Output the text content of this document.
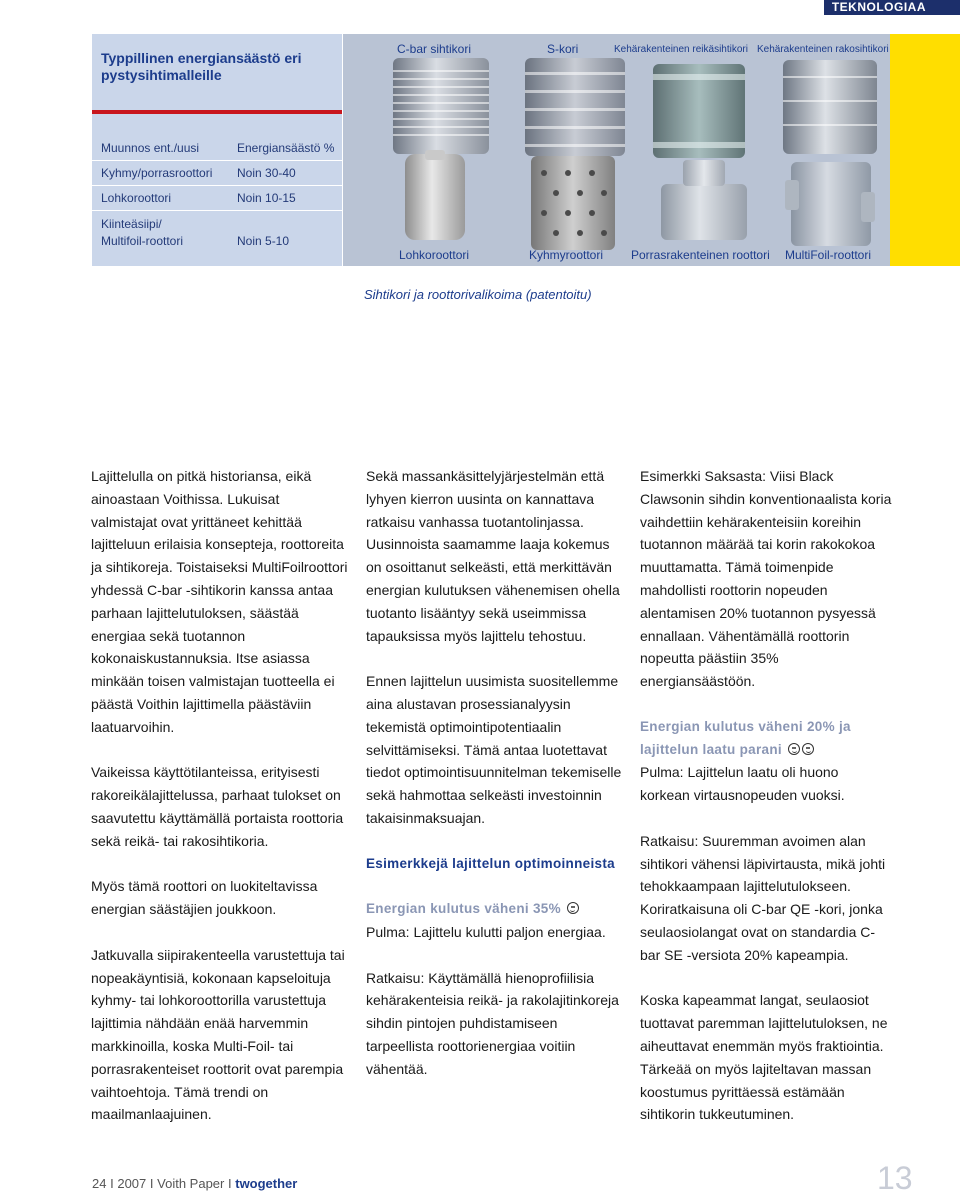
TEKNOLOGIAA
Typpillinen energiansäästö eri pystysihtimalleille
Muunnos ent./uusi	Energiansäästö %
Kyhmy/porrasroottori	Noin 30-40
Lohkoroottori	Noin 10-15
Kiinteäsiipi/
Multifoil-roottori	Noin 5-10
C-bar sihtikori	S-kori	Kehärakenteinen reikäsihtikori Kehärakenteinen rakosihtikori
Lohkoroottori	Kyhmyroottori Porrasrakenteinen roottori MultiFoil-roottori
Sihtikori ja roottorivalikoima (patentoitu)

Lajittelulla on pitkä historiansa, eikä ainoastaan Voithissa. Lukuisat valmistajat ovat yrittäneet kehittää lajitteluun erilaisia konsepteja, roottoreita ja sihtikoreja. Toistaiseksi MultiFoilroottori yhdessä C-bar -sihtikorin kanssa antaa parhaan lajittelutuloksen, säästää energiaa sekä tuotannon kokonaiskustannuksia. Itse asiassa minkään toisen valmistajan tuotteella ei päästä Voithin lajittimella päästäviin laatuarvoihin.

Vaikeissa käyttötilanteissa, erityisesti rakoreikälajittelussa, parhaat tulokset on saavutettu käyttämällä portaista roottoria sekä reikä- tai rakosihtikoria.

Myös tämä roottori on luokiteltavissa energian säästäjien joukkoon.

Jatkuvalla siipirakenteella varustettuja tai nopeakäyntisiä, kokonaan kapseloituja kyhmy- tai lohkoroottorilla varustettuja lajittimia nähdään enää harvemmin markkinoilla, koska Multi-Foil- tai porrasrakenteiset roottorit ovat parempia vaihtoehtoja. Tämä trendi on maailmanlaajuinen.

Sekä massankäsittelyjärjestelmän että lyhyen kierron uusinta on kannattava ratkaisu vanhassa tuotantolinjassa. Uusinnoista saamamme laaja kokemus on osoittanut selkeästi, että merkittävän energian kulutuksen vähenemisen ohella tuotanto lisääntyy sekä useimmissa tapauksissa myös lajittelu tehostuu.

Ennen lajittelun uusimista suositellemme aina alustavan prosessianalyysin tekemistä optimointipotentiaalin selvittämiseksi. Tämä antaa luotettavat tiedot optimointisuunnitelman tekemiselle sekä hahmottaa selkeästi investoinnin takaisinmaksuajan.

Esimerkkejä lajittelun optimoinneista
Energian kulutus väheni 35%

Pulma: Lajittelu kulutti paljon energiaa.

Ratkaisu: Käyttämällä hienoprofiilisia kehärakenteisia reikä- ja rakolajitinkoreja sihdin pintojen puhdistamiseen tarpeellista roottorienergiaa voitiin vähentää.

Esimerkki Saksasta: Viisi Black Clawsonin sihdin konventionaalista koria vaihdettiin kehärakenteisiin koreihin tuotannon määrää tai korin rakokokoa muuttamatta. Tämä toimenpide mahdollisti roottorin nopeuden alentamisen 20% tuotannon pysyessä ennallaan. Vähentämällä roottorin nopeutta päästiin 35% energiansäästöön.

Energian kulutus väheni 20% ja lajittelun laatu parani

Pulma: Lajittelun laatu oli huono korkean virtausnopeuden vuoksi.

Ratkaisu: Suuremman avoimen alan sihtikori vähensi läpivirtausta, mikä johti tehokkaampaan lajittelutulokseen. Koriratkaisuna oli C-bar QE -kori, jonka seulaosiolangat ovat on standardia C-bar SE -versiota 20% kapeampia.

Koska kapeammat langat, seulaosiot tuottavat paremman lajittelutuloksen, ne aiheuttavat enemmän myös fraktiointia. Tärkeää on myös lajiteltavan massan koostumus pyrittäessä estämään sihtikorin tukkeutuminen.

24 I 2007 I Voith Paper I twogether	13
